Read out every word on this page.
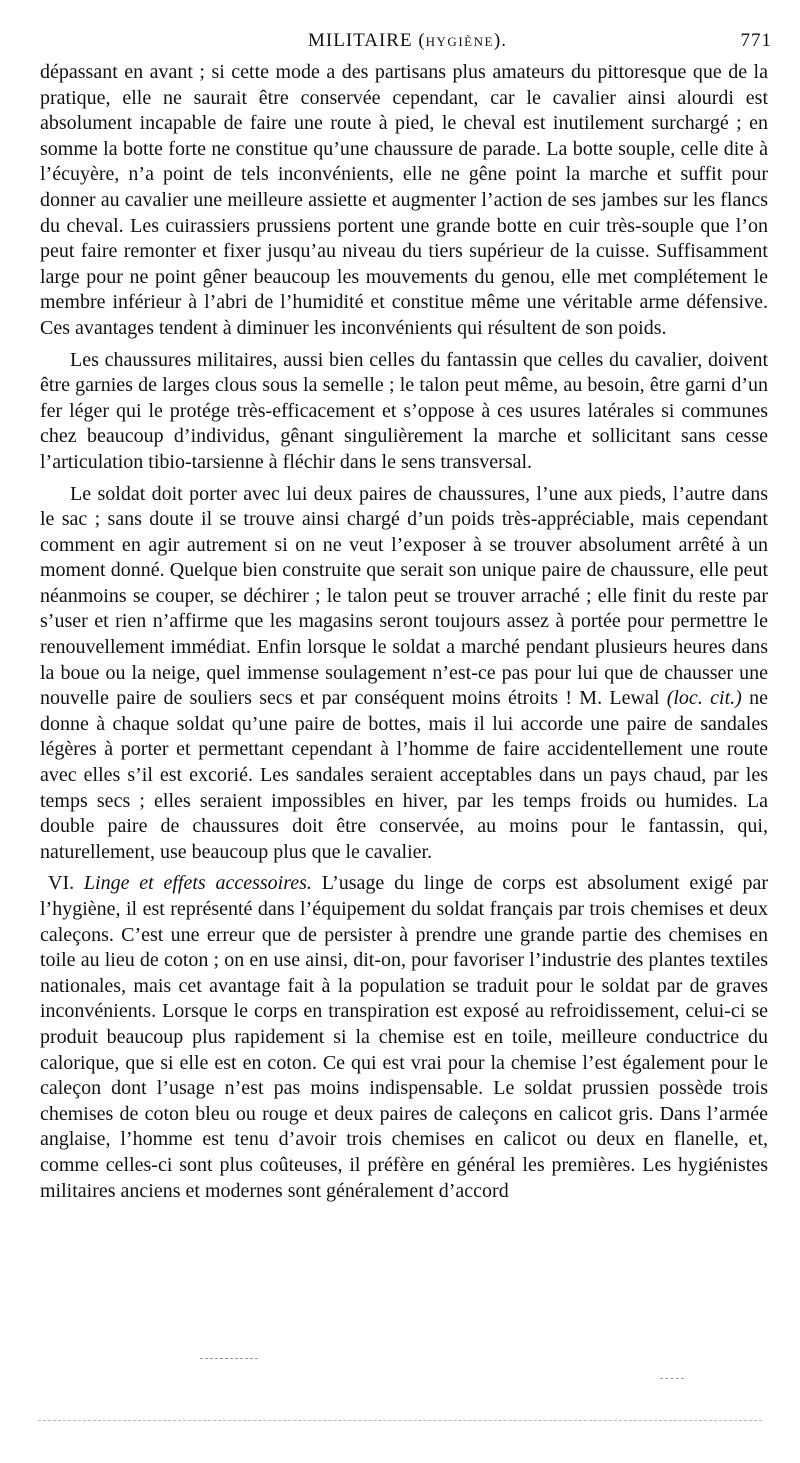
MILITAIRE (HYGIÈNE).	771

dépassant en avant ; si cette mode a des partisans plus amateurs du pittoresque que de la pratique, elle ne saurait être conservée cependant, car le cavalier ainsi alourdi est absolument incapable de faire une route à pied, le cheval est inutilement surchargé ; en somme la botte forte ne constitue qu’une chaussure de parade. La botte souple, celle dite à l’écuyère, n’a point de tels inconvénients, elle ne gêne point la marche et suffit pour donner au cavalier une meilleure assiette et augmenter l’action de ses jambes sur les flancs du cheval. Les cuirassiers prussiens portent une grande botte en cuir très-souple que l’on peut faire remonter et fixer jusqu’au niveau du tiers supérieur de la cuisse. Suffisamment large pour ne point gêner beaucoup les mouvements du genou, elle met complétement le membre inférieur à l’abri de l’humidité et constitue même une véritable arme défensive. Ces avantages tendent à diminuer les inconvénients qui résultent de son poids.

Les chaussures militaires, aussi bien celles du fantassin que celles du cavalier, doivent être garnies de larges clous sous la semelle ; le talon peut même, au besoin, être garni d’un fer léger qui le protége très-efficacement et s’oppose à ces usures latérales si communes chez beaucoup d’individus, gênant singulièrement la marche et sollicitant sans cesse l’articulation tibio-tarsienne à fléchir dans le sens transversal.

Le soldat doit porter avec lui deux paires de chaussures, l’une aux pieds, l’autre dans le sac ; sans doute il se trouve ainsi chargé d’un poids très-appréciable, mais cependant comment en agir autrement si on ne veut l’exposer à se trouver absolument arrêté à un moment donné. Quelque bien construite que serait son unique paire de chaussure, elle peut néanmoins se couper, se déchirer ; le talon peut se trouver arraché ; elle finit du reste par s’user et rien n’affirme que les magasins seront toujours assez à portée pour permettre le renouvellement immédiat. Enfin lorsque le soldat a marché pendant plusieurs heures dans la boue ou la neige, quel immense soulagement n’est-ce pas pour lui que de chausser une nouvelle paire de souliers secs et par conséquent moins étroits ! M. Lewal (loc. cit.) ne donne à chaque soldat qu’une paire de bottes, mais il lui accorde une paire de sandales légères à porter et permettant cependant à l’homme de faire accidentellement une route avec elles s’il est excorié. Les sandales seraient acceptables dans un pays chaud, par les temps secs ; elles seraient impossibles en hiver, par les temps froids ou humides. La double paire de chaussures doit être conservée, au moins pour le fantassin, qui, naturellement, use beaucoup plus que le cavalier.

VI. Linge et effets accessoires. L’usage du linge de corps est absolument exigé par l’hygiène, il est représenté dans l’équipement du soldat français par trois chemises et deux caleçons. C’est une erreur que de persister à prendre une grande partie des chemises en toile au lieu de coton ; on en use ainsi, dit-on, pour favoriser l’industrie des plantes textiles nationales, mais cet avantage fait à la population se traduit pour le soldat par de graves inconvénients. Lorsque le corps en transpiration est exposé au refroidissement, celui-ci se produit beaucoup plus rapidement si la chemise est en toile, meilleure conductrice du calorique, que si elle est en coton. Ce qui est vrai pour la chemise l’est également pour le caleçon dont l’usage n’est pas moins indispensable. Le soldat prussien possède trois chemises de coton bleu ou rouge et deux paires de caleçons en calicot gris. Dans l’armée anglaise, l’homme est tenu d’avoir trois chemises en calicot ou deux en flanelle, et, comme celles-ci sont plus coûteuses, il préfère en général les premières. Les hygiénistes militaires anciens et modernes sont généralement d’accord
